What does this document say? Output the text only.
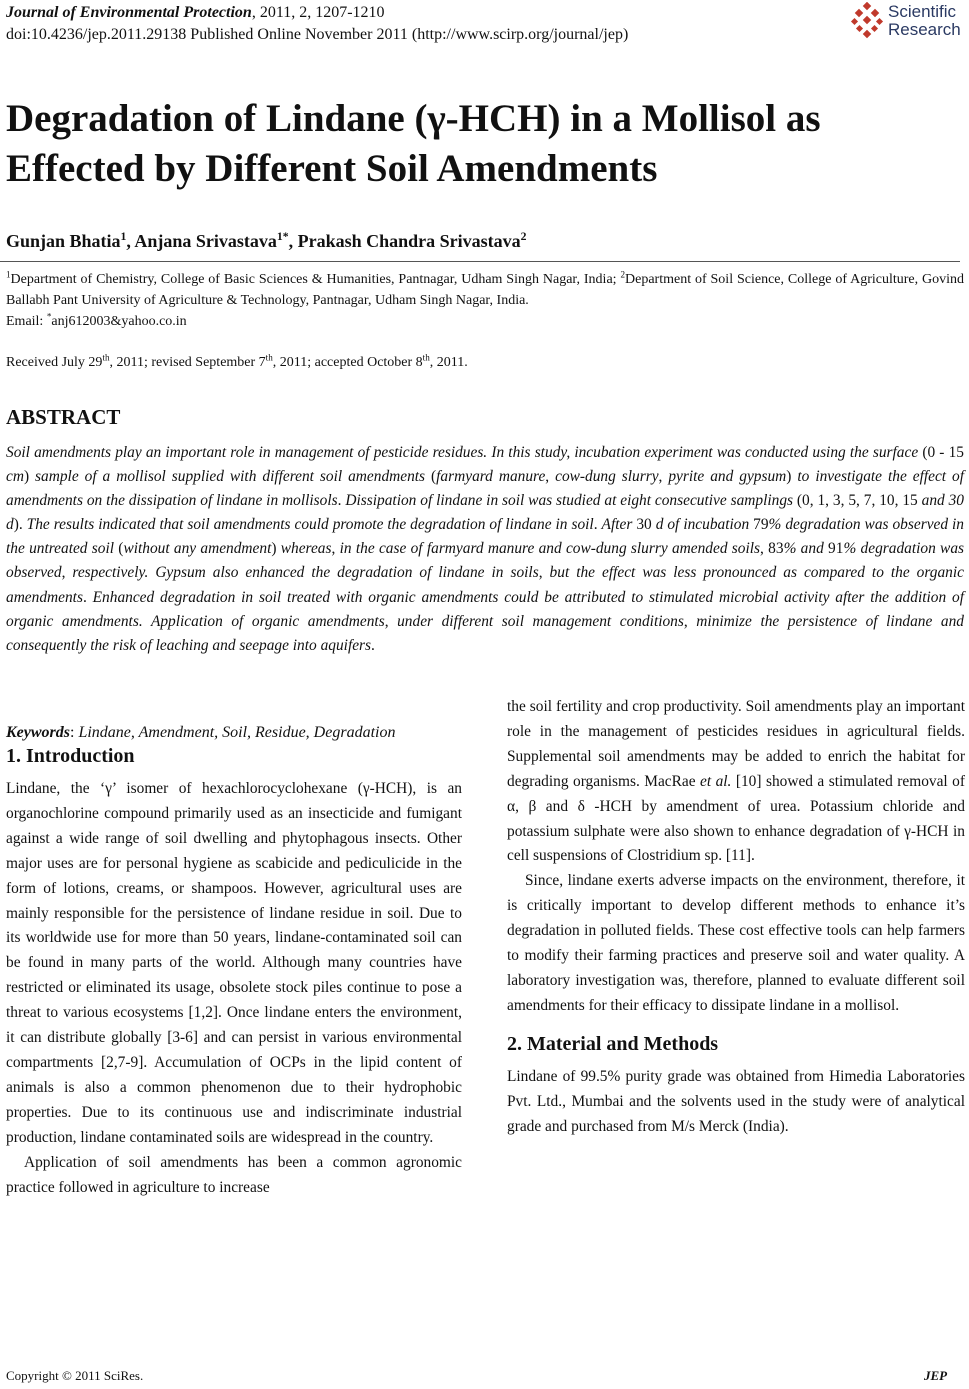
Journal of Environmental Protection, 2011, 2, 1207-1210
doi:10.4236/jep.2011.29138 Published Online November 2011 (http://www.scirp.org/journal/jep)
Scientific
Research
Degradation of Lindane (γ-HCH) in a Mollisol as Effected by Different Soil Amendments
Gunjan Bhatia$^1$, Anjana Srivastava$^{1*}$, Prakash Chandra Srivastava$^2$
$^1$Department of Chemistry, College of Basic Sciences & Humanities, Pantnagar, Udham Singh Nagar, India; $^2$Department of Soil Science, College of Agriculture, Govind Ballabh Pant University of Agriculture & Technology, Pantnagar, Udham Singh Nagar, India.
Email: *anj612003&yahoo.co.in
Received July 29th, 2011; revised September 7th, 2011; accepted October 8th, 2011.
ABSTRACT
Soil amendments play an important role in management of pesticide residues. In this study, incubation experiment was conducted using the surface (0 - 15 cm) sample of a mollisol supplied with different soil amendments (farmyard manure, cow-dung slurry, pyrite and gypsum) to investigate the effect of amendments on the dissipation of lindane in mollisols. Dissipation of lindane in soil was studied at eight consecutive samplings (0, 1, 3, 5, 7, 10, 15 and 30 d). The results indicated that soil amendments could promote the degradation of lindane in soil. After 30 d of incubation 79% degradation was observed in the untreated soil (without any amendment) whereas, in the case of farmyard manure and cow-dung slurry amended soils, 83% and 91% degradation was observed, respectively. Gypsum also enhanced the degradation of lindane in soils, but the effect was less pronounced as compared to the organic amendments. Enhanced degradation in soil treated with organic amendments could be attributed to stimulated microbial activity after the addition of organic amendments. Application of organic amendments, under different soil management conditions, minimize the persistence of lindane and consequently the risk of leaching and seepage into aquifers.
Keywords: Lindane, Amendment, Soil, Residue, Degradation
1. Introduction

Lindane, the ‘γ’ isomer of hexachlorocyclohexane (γ-HCH), is an organochlorine compound primarily used as an insecticide and fumigant against a wide range of soil dwelling and phytophagous insects. Other major uses are for personal hygiene as scabicide and pediculicide in the form of lotions, creams, or shampoos. However, agricultural uses are mainly responsible for the persistence of lindane residue in soil. Due to its worldwide use for more than 50 years, lindane-contaminated soil can be found in many parts of the world. Although many countries have restricted or eliminated its usage, obsolete stock piles continue to pose a threat to various ecosystems [1,2]. Once lindane enters the environment, it can distribute globally [3-6] and can persist in various environmental compartments [2,7-9]. Accumulation of OCPs in the lipid content of animals is also a common phenomenon due to their hydrophobic properties. Due to its continuous use and indiscriminate industrial production, lindane contaminated soils are widespread in the country.

Application of soil amendments has been a common agronomic practice followed in agriculture to increase

the soil fertility and crop productivity. Soil amendments play an important role in the management of pesticides residues in agricultural fields. Supplemental soil amendments may be added to enrich the habitat for degrading organisms. MacRae et al. [10] showed a stimulated removal of α, β and δ -HCH by amendment of urea. Potassium chloride and potassium sulphate were also shown to enhance degradation of γ-HCH in cell suspensions of Clostridium sp. [11].

Since, lindane exerts adverse impacts on the environment, therefore, it is critically important to develop different methods to enhance it’s degradation in polluted fields. These cost effective tools can help farmers to modify their farming practices and preserve soil and water quality. A laboratory investigation was, therefore, planned to evaluate different soil amendments for their efficacy to dissipate lindane in a mollisol.

2. Material and Methods

Lindane of 99.5% purity grade was obtained from Himedia Laboratories Pvt. Ltd., Mumbai and the solvents used in the study were of analytical grade and purchased from M/s Merck (India).

Copyright © 2011 SciRes.	JEP
